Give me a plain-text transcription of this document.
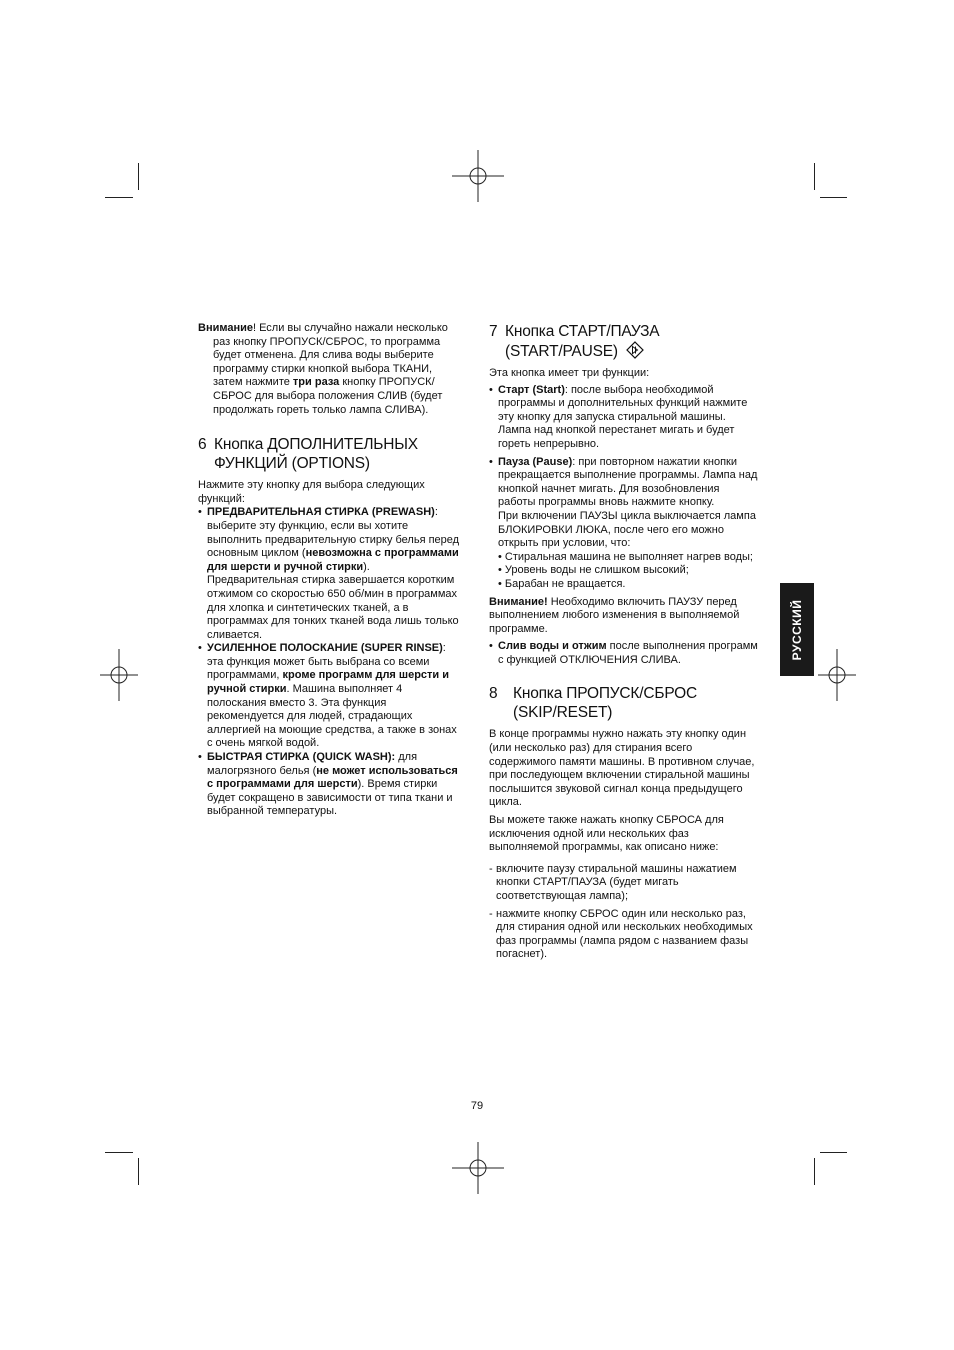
Внимание! Если вы случайно нажали несколько раз кнопку ПРОПУСК/СБРОС, то программа будет отменена. Для слива воды выберите программу стирки кнопкой выбора ТКАНИ, затем нажмите три раза кнопку ПРОПУСК/СБРОС для выбора положения СЛИВ (будет продолжать гореть только лампа СЛИВА).

6 Кнопка ДОПОЛНИТЕЛЬНЫХ ФУНКЦИЙ (OPTIONS)

Нажмите эту кнопку для выбора следующих функций:

• ПРЕДВАРИТЕЛЬНАЯ СТИРКА (PREWASH): выберите эту функцию, если вы хотите выполнить предварительную стирку белья перед основным циклом (невозможна с программами для шерсти и ручной стирки). Предварительная стирка завершается коротким отжимом со скоростью 650 об/мин в программах для хлопка и синтетических тканей, а в программах для тонких тканей вода лишь только сливается.

• УСИЛЕННОЕ ПОЛОСКАНИЕ (SUPER RINSE): эта функция может быть выбрана со всеми программами, кроме программ для шерсти и ручной стирки. Машина выполняет 4 полоскания вместо 3. Эта функция рекомендуется для людей, страдающих аллергией на моющие средства, а также в зонах с очень мягкой водой.

• БЫСТРАЯ СТИРКА (QUICK WASH): для малогрязного белья (не может использоваться с программами для шерсти). Время стирки будет сокращено в зависимости от типа ткани и выбранной температуры.

7 Кнопка СТАРТ/ПАУЗА (START/PAUSE)

Эта кнопка имеет три функции:

• Старт (Start): после выбора необходимой программы и дополнительных функций нажмите эту кнопку для запуска стиральной машины. Лампа над кнопкой перестанет мигать и будет гореть непрерывно.

• Пауза (Pause): при повторном нажатии кнопки прекращается выполнение программы. Лампа над кнопкой начнет мигать. Для возобновления работы программы вновь нажмите кнопку.

При включении ПАУЗЫ цикла выключается лампа БЛОКИРОВКИ ЛЮКА, после чего его можно открыть при условии, что:

• Стиральная машина не выполняет нагрев воды;

• Уровень воды не слишком высокий;

• Барабан не вращается.

Внимание! Необходимо включить ПАУЗУ перед выполнением любого изменения в выполняемой программе.

• Слив воды и отжим после выполнения программ с функцией ОТКЛЮЧЕНИЯ СЛИВА.

8 Кнопка ПРОПУСК/СБРОС (SKIP/RESET)

В конце программы нужно нажать эту кнопку один (или несколько раз) для стирания всего содержимого памяти машины. В противном случае, при последующем включении стиральной машины послышится звуковой сигнал конца предыдущего цикла.

Вы можете также нажать кнопку СБРОСА для исключения одной или нескольких фаз выполняемой программы, как описано ниже:

- включите паузу стиральной машины нажатием кнопки СТАРТ/ПАУЗА (будет мигать соответствующая лампа);

- нажмите кнопку СБРОС один или несколько раз, для стирания одной или нескольких необходимых фаз программы (лампа рядом с названием фазы погаснет).

РУССКИЙ
79
